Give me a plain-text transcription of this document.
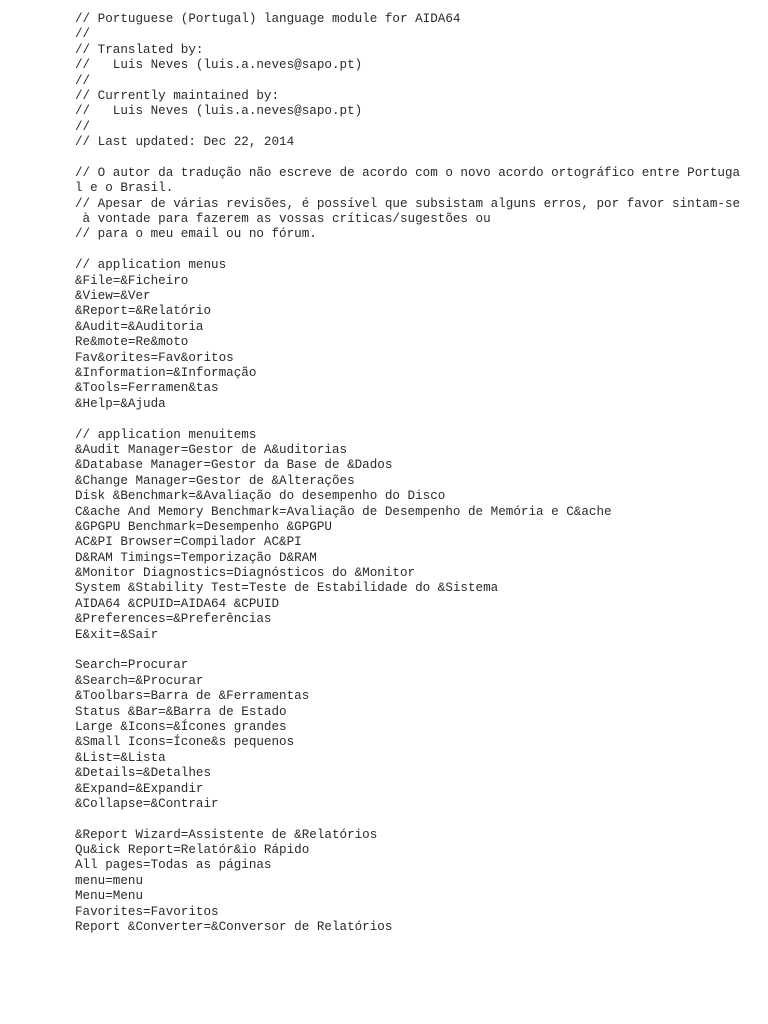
// Portuguese (Portugal) language module for AIDA64
//
// Translated by:
//   Luis Neves (luis.a.neves@sapo.pt)
//
// Currently maintained by:
//   Luis Neves (luis.a.neves@sapo.pt)
//
// Last updated: Dec 22, 2014
// O autor da tradução não escreve de acordo com o novo acordo ortográfico entre Portuga
l e o Brasil.
// Apesar de várias revisões, é possível que subsistam alguns erros, por favor sintam-se
à vontade para fazerem as vossas críticas/sugestões ou
// para o meu email ou no fórum.
// application menus
&File=&Ficheiro
&View=&Ver
&Report=&Relatório
&Audit=&Auditoria
Re&mote=Re&moto
Fav&orites=Fav&oritos
&Information=&Informação
&Tools=Ferramen&tas
&Help=&Ajuda
// application menuitems
&Audit Manager=Gestor de A&uditorias
&Database Manager=Gestor da Base de &Dados
&Change Manager=Gestor de &Alterações
Disk &Benchmark=&Avaliação do desempenho do Disco
C&ache And Memory Benchmark=Avaliação de Desempenho de Memória e C&ache
&GPGPU Benchmark=Desempenho &GPGPU
AC&PI Browser=Compilador AC&PI
D&RAM Timings=Temporização D&RAM
&Monitor Diagnostics=Diagnósticos do &Monitor
System &Stability Test=Teste de Estabilidade do &Sistema
AIDA64 &CPUID=AIDA64 &CPUID
&Preferences=&Preferências
E&xit=&Sair
Search=Procurar
&Search=&Procurar
&Toolbars=Barra de &Ferramentas
Status &Bar=&Barra de Estado
Large &Icons=&Ícones grandes
&Small Icons=Ícone&s pequenos
&List=&Lista
&Details=&Detalhes
&Expand=&Expandir
&Collapse=&Contrair
&Report Wizard=Assistente de &Relatórios
Qu&ick Report=Relatór&io Rápido
All pages=Todas as páginas
menu=menu
Menu=Menu
Favorites=Favoritos
Report &Converter=&Conversor de Relatórios
